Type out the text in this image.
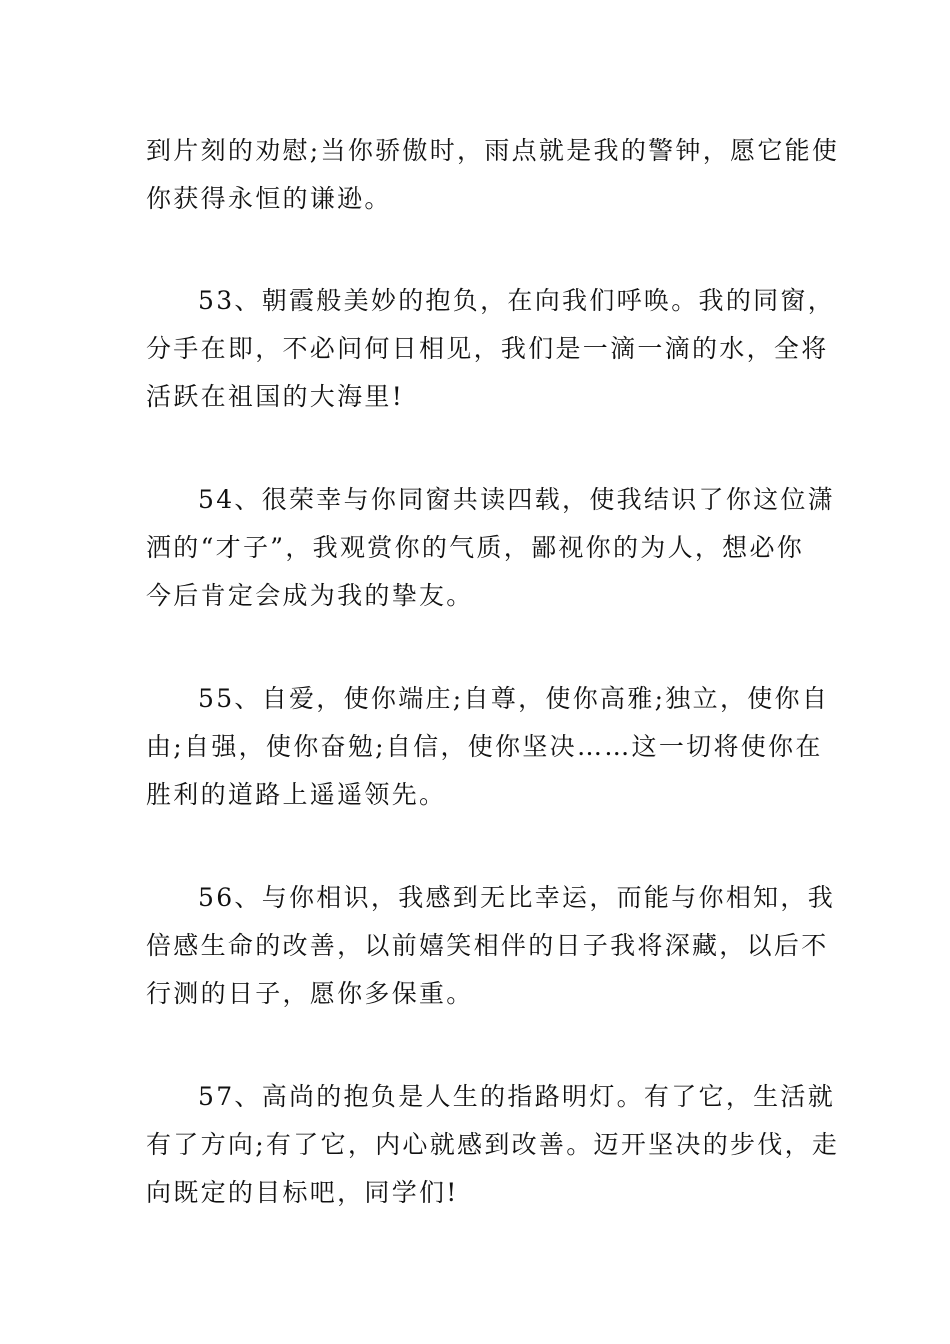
到片刻的劝慰;当你骄傲时，雨点就是我的警钟，愿它能使
你获得永恒的谦逊。

53、朝霞般美妙的抱负，在向我们呼唤。我的同窗，
分手在即，不必问何日相见，我们是一滴一滴的水，全将
活跃在祖国的大海里!

54、很荣幸与你同窗共读四载，使我结识了你这位潇
洒的“才子”，我观赏你的气质，鄙视你的为人，想必你
今后肯定会成为我的挚友。

55、自爱，使你端庄;自尊，使你高雅;独立，使你自
由;自强，使你奋勉;自信，使你坚决……这一切将使你在
胜利的道路上遥遥领先。

56、与你相识，我感到无比幸运，而能与你相知，我
倍感生命的改善，以前嬉笑相伴的日子我将深藏，以后不
行测的日子，愿你多保重。

57、高尚的抱负是人生的指路明灯。有了它，生活就
有了方向;有了它，内心就感到改善。迈开坚决的步伐，走
向既定的目标吧，同学们!
